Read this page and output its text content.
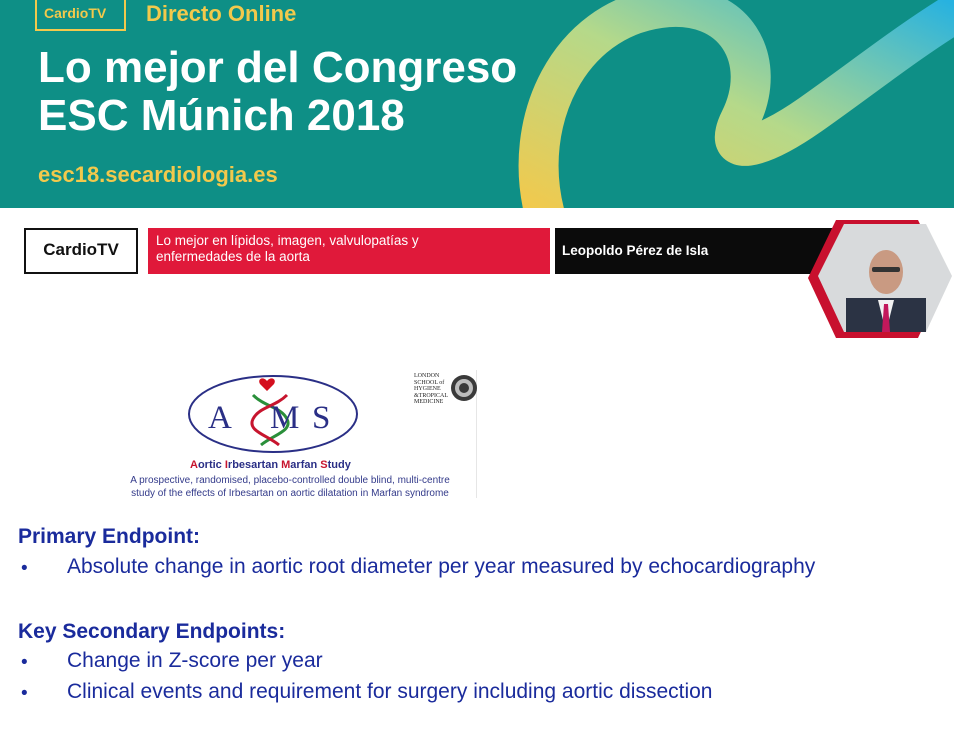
CardioTV Directo Online
Lo mejor del Congreso
ESC Múnich 2018
esc18.secardiologia.es
CardioTV	Lo mejor en lípidos, imagen, valvulopatías y
enfermedades de la aorta	Leopoldo Pérez de Isla
A M S
Aortic Irbesartan Marfan Study
A prospective, randomised, placebo-controlled double blind, multi-centre
study of the effects of Irbesartan on aortic dilatation in Marfan syndrome
LONDON
SCHOOL of
HYGIENE
&TROPICAL
MEDICINE
Primary Endpoint:
• Absolute change in aortic root diameter per year measured by echocardiography
Key Secondary Endpoints:
• Change in Z-score per year
• Clinical events and requirement for surgery including aortic dissection
